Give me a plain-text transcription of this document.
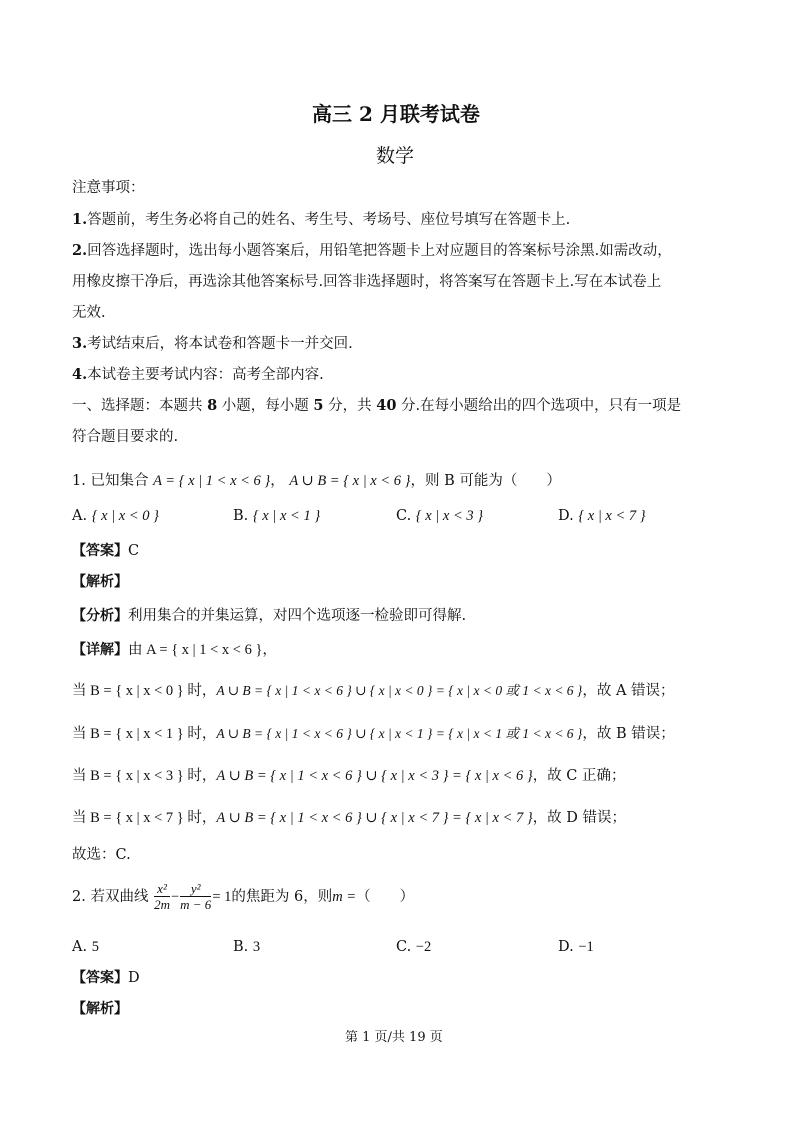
高三 2 月联考试卷
数学
注意事项：
1.答题前，考生务必将自己的姓名、考生号、考场号、座位号填写在答题卡上.
2.回答选择题时，选出每小题答案后，用铅笔把答题卡上对应题目的答案标号涂黑.如需改动，
用橡皮擦干净后，再选涂其他答案标号.回答非选择题时，将答案写在答题卡上.写在本试卷上
无效.
3.考试结束后，将本试卷和答题卡一并交回.
4.本试卷主要考试内容：高考全部内容.
一、选择题：本题共 8 小题，每小题 5 分，共 40 分.在每小题给出的四个选项中，只有一项是
符合题目要求的.
1. 已知集合 A = { x | 1 < x < 6 }， A ∪ B = { x | x < 6 }，则 B 可能为（　　）
A. { x | x < 0 }	B. { x | x < 1 }	C. { x | x < 3 }	D. { x | x < 7 }
【答案】C
【解析】
【分析】利用集合的并集运算，对四个选项逐一检验即可得解.
【详解】由 A = { x | 1 < x < 6 }，
当 B = { x | x < 0 } 时，A ∪ B = { x | 1 < x < 6 } ∪ { x | x < 0 } = { x | x < 0 或 1 < x < 6 }，故 A 错误；
当 B = { x | x < 1 } 时，A ∪ B = { x | 1 < x < 6 } ∪ { x | x < 1 } = { x | x < 1 或 1 < x < 6 }，故 B 错误；
当 B = { x | x < 3 } 时，A ∪ B = { x | 1 < x < 6 } ∪ { x | x < 3 } = { x | x < 6 }，故 C 正确；
当 B = { x | x < 7 } 时，A ∪ B = { x | 1 < x < 6 } ∪ { x | x < 7 } = { x | x < 7 }，故 D 错误；
故选：C.
2. 若双曲线 $\frac{\text{x²}}{2m} - \frac{\text{y²}}{m - 6} = 1$的焦距为 6，则m =（　　）
A. 5	B. 3	C. −2	D. −1
【答案】D
【解析】
第 1 页/共 19 页
